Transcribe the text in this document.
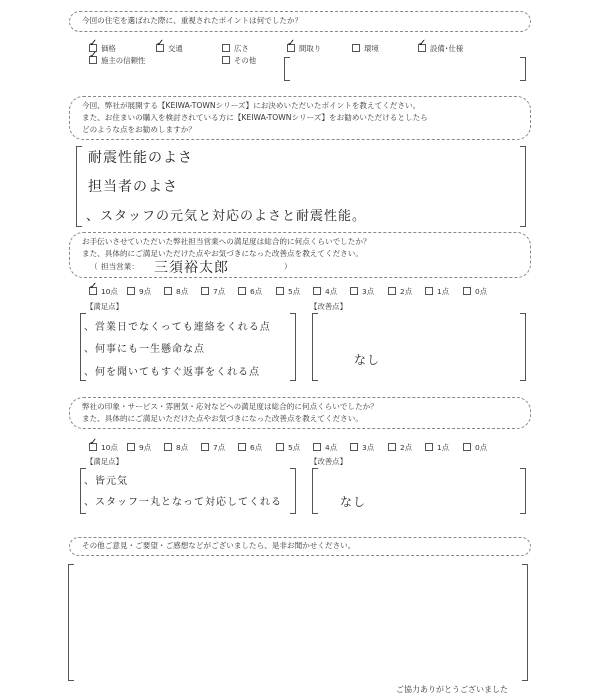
今回の住宅を選ばれた際に、重視されたポイントは何でしたか？
✓ 価格	✓ 交通	広さ	✓ 間取り	環境	✓ 設備･仕様
✓ 施主の信頼性	その他
今回、弊社が展開する【KEIWA-TOWNシリーズ】にお決めいただいたポイントを教えてください。
また、お住まいの購入を検討されている方に【KEIWA-TOWNシリーズ】をお勧めいただけるとしたら
どのような点をお勧めしますか？
耐震性能のよさ
担当者のよさ
、スタッフの元気と対応のよさと耐震性能。
お手伝いさせていただいた弊社担当営業への満足度は総合的に何点くらいでしたか？
また、具体的にご満足いただけた点やお気づきになった改善点を教えてください。
（ 担当営業： 三須裕太郎	）
✓ 10点	9点	8点	7点	6点	5点	4点	3点	2点	1点	0点
【満足点】	【改善点】
、営業日でなくっても連絡をくれる点
、何事にも一生懸命な点
、何を聞いてもすぐ返事をくれる点
なし
弊社の印象・サービス・雰囲気・応対などへの満足度は総合的に何点くらいでしたか？
また、具体的にご満足いただけた点やお気づきになった改善点を教えてください。
✓ 10点	9点	8点	7点	6点	5点	4点	3点	2点	1点	0点
【満足点】	【改善点】
、皆元気
、スタッフ一丸となって対応してくれる	なし
その他ご意見・ご要望・ご感想などがございましたら、是非お聞かせください。
ご協力ありがとうございました
